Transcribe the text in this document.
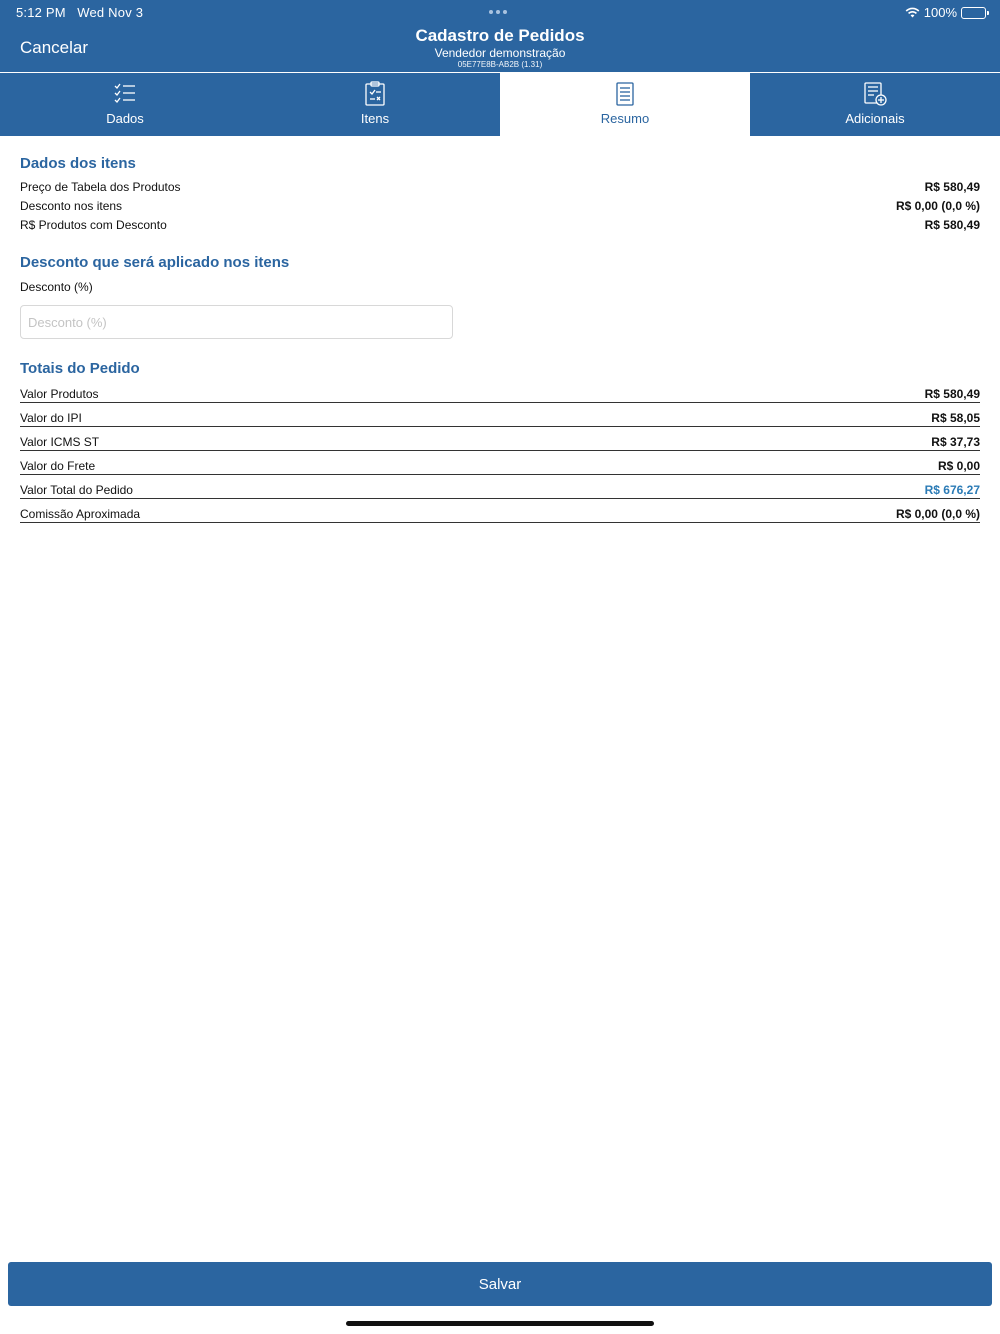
5:12 PM Wed Nov 3	100%
Cancelar
Cadastro de Pedidos
Vendedor demonstração
05E77E8B-AB2B (1.31)
Dados	Itens	Resumo	Adicionais
Dados dos itens
Preço de Tabela dos Produtos	R$ 580,49
Desconto nos itens	R$ 0,00 (0,0 %)
R$ Produtos com Desconto	R$ 580,49
Desconto que será aplicado nos itens
Desconto (%)
Desconto (%)
Totais do Pedido
Valor Produtos	R$ 580,49
Valor do IPI	R$ 58,05
Valor ICMS ST	R$ 37,73
Valor do Frete	R$ 0,00
Valor Total do Pedido	R$ 676,27
Comissão Aproximada	R$ 0,00 (0,0 %)
Salvar
